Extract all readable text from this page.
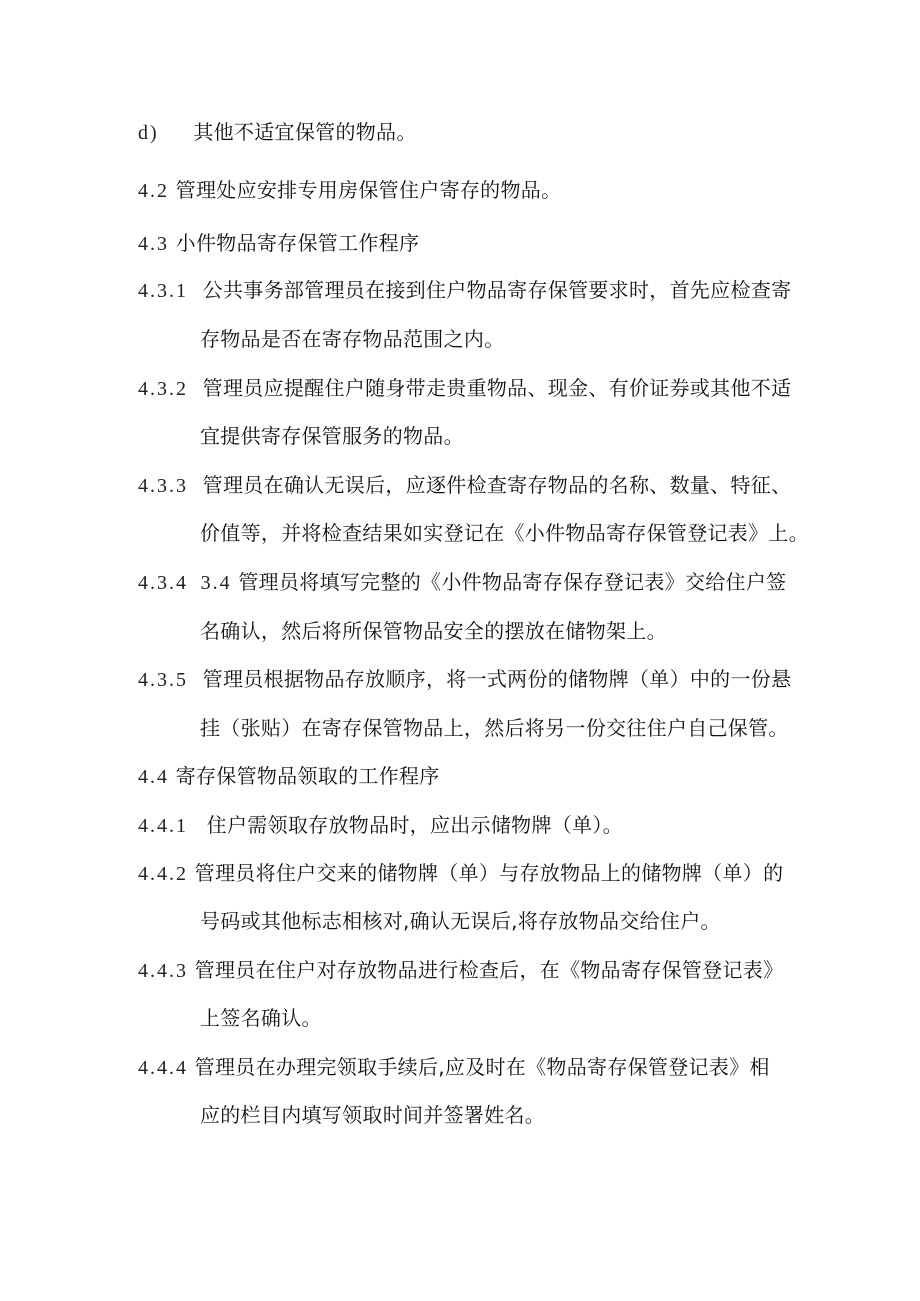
d) 其他不适宜保管的物品。
4.2 管理处应安排专用房保管住户寄存的物品。
4.3 小件物品寄存保管工作程序
4.3.1 公共事务部管理员在接到住户物品寄存保管要求时，首先应检查寄
存物品是否在寄存物品范围之内。
4.3.2 管理员应提醒住户随身带走贵重物品、现金、有价证券或其他不适
宜提供寄存保管服务的物品。
4.3.3 管理员在确认无误后，应逐件检查寄存物品的名称、数量、特征、
价值等，并将检查结果如实登记在《小件物品寄存保管登记表》上。
4.3.4 3.4 管理员将填写完整的《小件物品寄存保存登记表》交给住户签
名确认，然后将所保管物品安全的摆放在储物架上。
4.3.5 管理员根据物品存放顺序，将一式两份的储物牌（单）中的一份悬
挂（张贴）在寄存保管物品上，然后将另一份交往住户自己保管。
4.4 寄存保管物品领取的工作程序
4.4.1 住户需领取存放物品时，应出示储物牌（单）。
4.4.2 管理员将住户交来的储物牌（单）与存放物品上的储物牌（单）的
号码或其他标志相核对,确认无误后,将存放物品交给住户。
4.4.3 管理员在住户对存放物品进行检查后，在《物品寄存保管登记表》
上签名确认。
4.4.4 管理员在办理完领取手续后,应及时在《物品寄存保管登记表》相
应的栏目内填写领取时间并签署姓名。
